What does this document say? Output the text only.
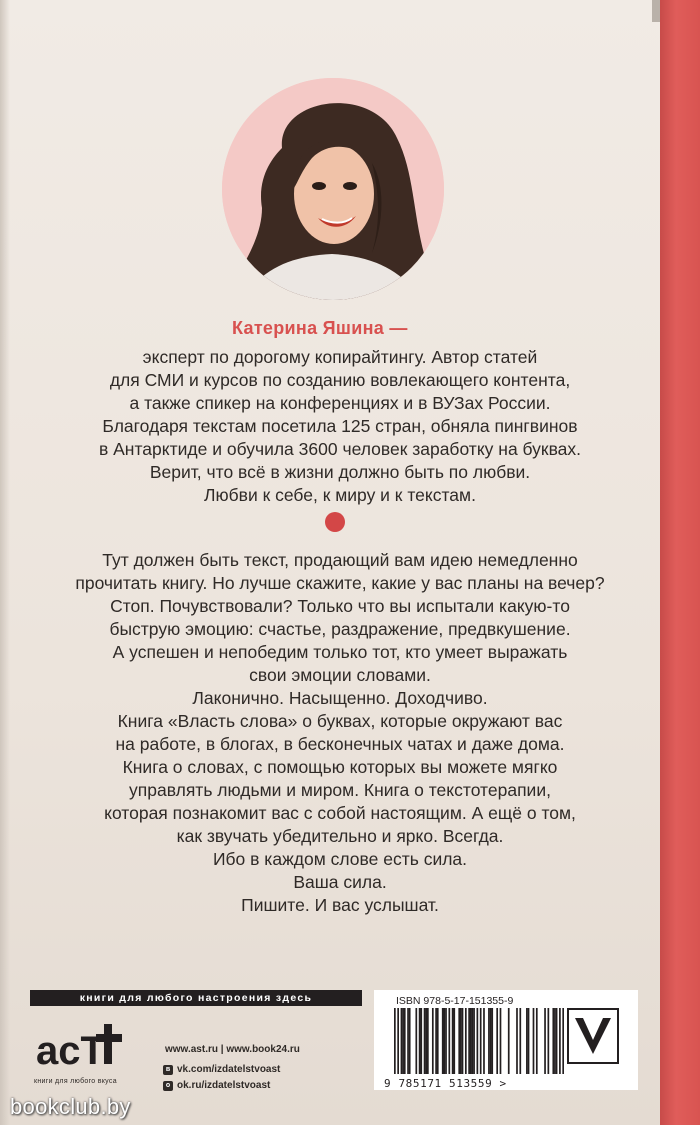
Катерина Яшина —

эксперт по дорогому копирайтингу. Автор статей

для СМИ и курсов по созданию вовлекающего контента,

а также спикер на конференциях и в ВУЗах России.

Благодаря текстам посетила 125 стран, обняла пингвинов

в Антарктиде и обучила 3600 человек заработку на буквах.

Верит, что всё в жизни должно быть по любви.

Любви к себе, к миру и к текстам.

Тут должен быть текст, продающий вам идею немедленно

прочитать книгу. Но лучше скажите, какие у вас планы на вечер?

Стоп. Почувствовали? Только что вы испытали какую-то

быструю эмоцию: счастье, раздражение, предвкушение.

А успешен и непобедим только тот, кто умеет выражать

свои эмоции словами.

Лаконично. Насыщенно. Доходчиво.

Книга «Власть слова» о буквах, которые окружают вас

на работе, в блогах, в бесконечных чатах и даже дома.

Книга о словах, с помощью которых вы можете мягко

управлять людьми и миром. Книга о текстотерапии,

которая познакомит вас с собой настоящим. А ещё о том,

как звучать убедительно и ярко. Всегда.

Ибо в каждом слове есть сила.

Ваша сила.

Пишите. И вас услышат.

книги для любого настроения здесь
acT
книги для любого вкуса
www.ast.ru | www.book24.ru
в vk.com/izdatelstvoast
о ok.ru/izdatelstvoast
ISBN 978-5-17-151355-9
9 785171 513559 >
bookclub.by
